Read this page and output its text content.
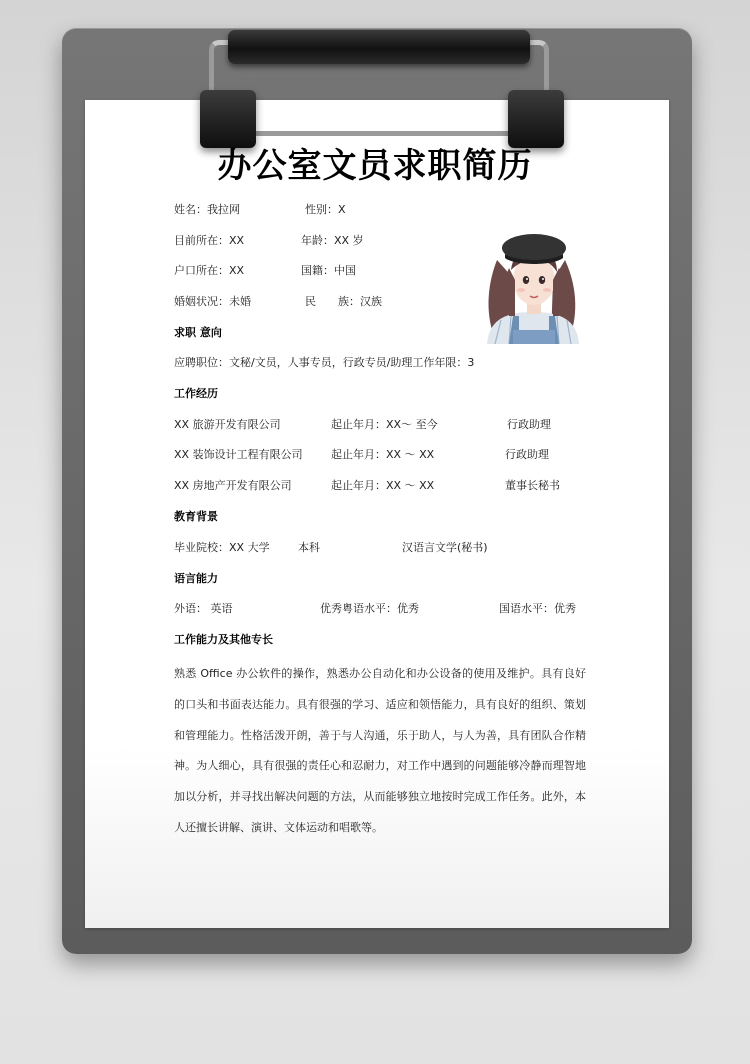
办公室文员求职简历
姓名：我拉网	性别：X
目前所在：XX	年龄：XX 岁
户口所在：XX	国籍：中国
婚姻状况：未婚	民　　族：汉族
求职 意向
应聘职位：文秘/文员，人事专员，行政专员/助理工作年限：3
工作经历
XX 旅游开发有限公司	起止年月：XX～ 至今	行政助理
XX 装饰设计工程有限公司	起止年月：XX ～ XX	行政助理
XX 房地产开发有限公司	起止年月：XX ～ XX	董事长秘书
教育背景
毕业院校：XX 大学	本科	汉语言文学(秘书)
语言能力
外语： 英语	优秀粤语水平：优秀	国语水平：优秀
工作能力及其他专长

熟悉 Office 办公软件的操作，熟悉办公自动化和办公设备的使用及维护。具有良好的口头和书面表达能力。具有很强的学习、适应和领悟能力，具有良好的组织、策划和管理能力。性格活泼开朗，善于与人沟通，乐于助人，与人为善，具有团队合作精神。为人细心，具有很强的责任心和忍耐力，对工作中遇到的问题能够冷静而理智地加以分析，并寻找出解决问题的方法，从而能够独立地按时完成工作任务。此外，本人还擅长讲解、演讲、文体运动和唱歌等。
